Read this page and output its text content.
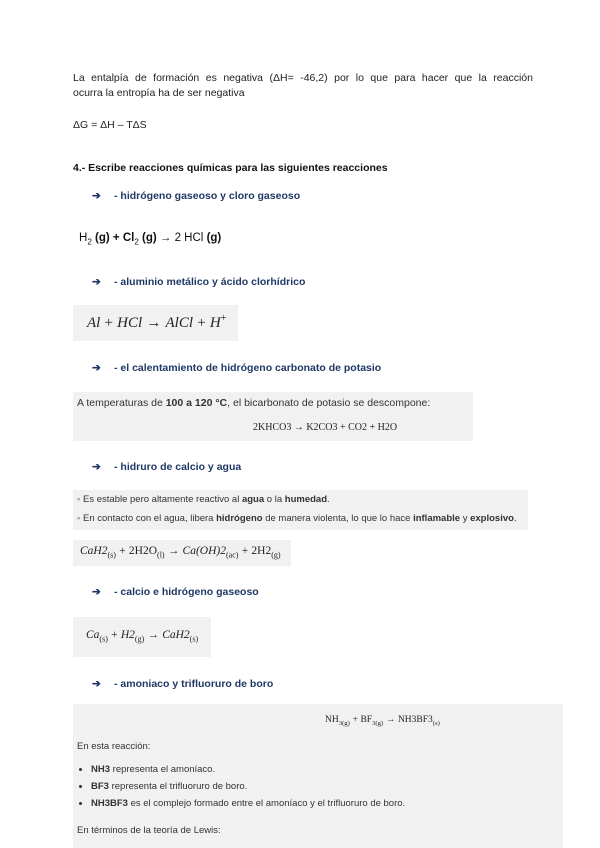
La entalpía de formación es negativa (ΔH= -46,2) por lo que para hacer que la reacción
ocurra la entropía ha de ser negativa
ΔG = ΔH – TΔS
4.- Escribe reacciones químicas para las siguientes reacciones
➔ - hidrógeno gaseoso y cloro gaseoso
$H_2$ $(g) + Cl_2$ (g) → 2 HCl (g)
➔ - aluminio metálico y ácido clorhídrico
Al + HCl → AlCl + H+
➔ - el calentamiento de hidrógeno carbonato de potasio
A temperaturas de 100 a 120 °C, el bicarbonato de potasio se descompone:
2KHCO3 → K2CO3 + CO2 + H2O
➔ - hidruro de calcio y agua
◦ Es estable pero altamente reactivo al agua o la humedad.
◦ En contacto con el agua, libera hidrógeno de manera violenta, lo que lo hace inflamable y explosivo.
$CaH2_{(s)} + 2H2O_{(l)} \to Ca(OH)2_{(ac)} + 2H2_{(g)}$
➔ - calcio e hidrógeno gaseoso
$Ca_{(s)} + H2_{(g)} \to CaH2_{(s)}$
➔ - amoniaco y trifluoruro de boro
$NH_{3(g)} + BF_{3(g)} \to NH3BF3_{(s)}$
En esta reacción:
• NH3 representa el amoníaco.
• BF3 representa el trifluoruro de boro.
• NH3BF3 es el complejo formado entre el amoníaco y el trifluoruro de boro.
En términos de la teoría de Lewis:
